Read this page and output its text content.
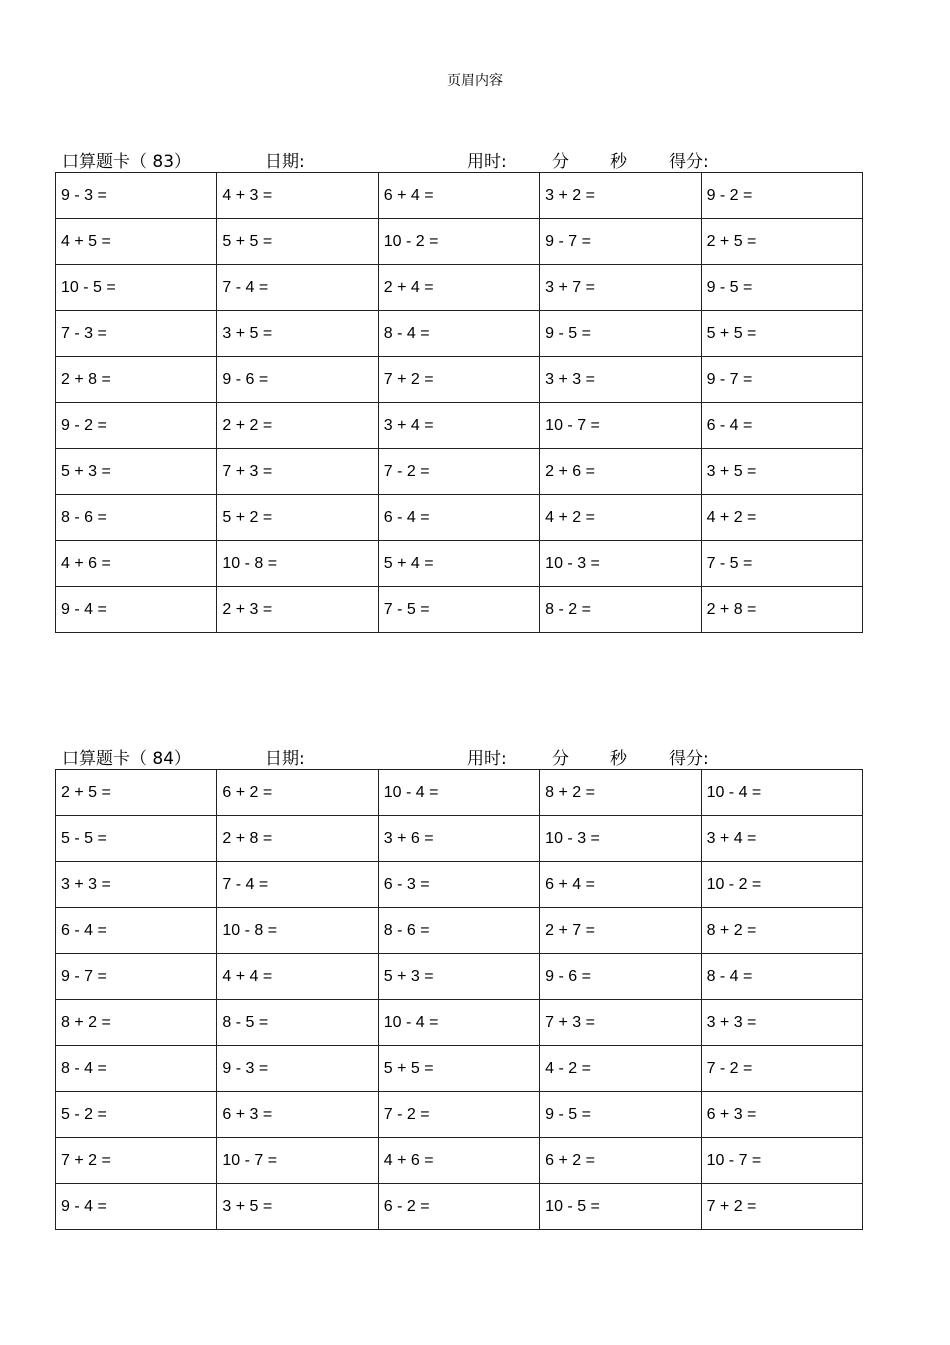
页眉内容
口算题卡（ 83）	日期:	用时:	分 秒 得分:
9 - 3 =	4 + 3 =	6 + 4 =	3 + 2 =	9 - 2 =
4 + 5 =	5 + 5 =	10 - 2 =	9 - 7 =	2 + 5 =
10 - 5 =	7 - 4 =	2 + 4 =	3 + 7 =	9 - 5 =
7 - 3 =	3 + 5 =	8 - 4 =	9 - 5 =	5 + 5 =
2 + 8 =	9 - 6 =	7 + 2 =	3 + 3 =	9 - 7 =
9 - 2 =	2 + 2 =	3 + 4 =	10 - 7 =	6 - 4 =
5 + 3 =	7 + 3 =	7 - 2 =	2 + 6 =	3 + 5 =
8 - 6 =	5 + 2 =	6 - 4 =	4 + 2 =	4 + 2 =
4 + 6 =	10 - 8 =	5 + 4 =	10 - 3 =	7 - 5 =
9 - 4 =	2 + 3 =	7 - 5 =	8 - 2 =	2 + 8 =
口算题卡（ 84）	日期:	用时:	分 秒 得分:
2 + 5 =	6 + 2 =	10 - 4 =	8 + 2 =	10 - 4 =
5 - 5 =	2 + 8 =	3 + 6 =	10 - 3 =	3 + 4 =
3 + 3 =	7 - 4 =	6 - 3 =	6 + 4 =	10 - 2 =
6 - 4 =	10 - 8 =	8 - 6 =	2 + 7 =	8 + 2 =
9 - 7 =	4 + 4 =	5 + 3 =	9 - 6 =	8 - 4 =
8 + 2 =	8 - 5 =	10 - 4 =	7 + 3 =	3 + 3 =
8 - 4 =	9 - 3 =	5 + 5 =	4 - 2 =	7 - 2 =
5 - 2 =	6 + 3 =	7 - 2 =	9 - 5 =	6 + 3 =
7 + 2 =	10 - 7 =	4 + 6 =	6 + 2 =	10 - 7 =
9 - 4 =	3 + 5 =	6 - 2 =	10 - 5 =	7 + 2 =
